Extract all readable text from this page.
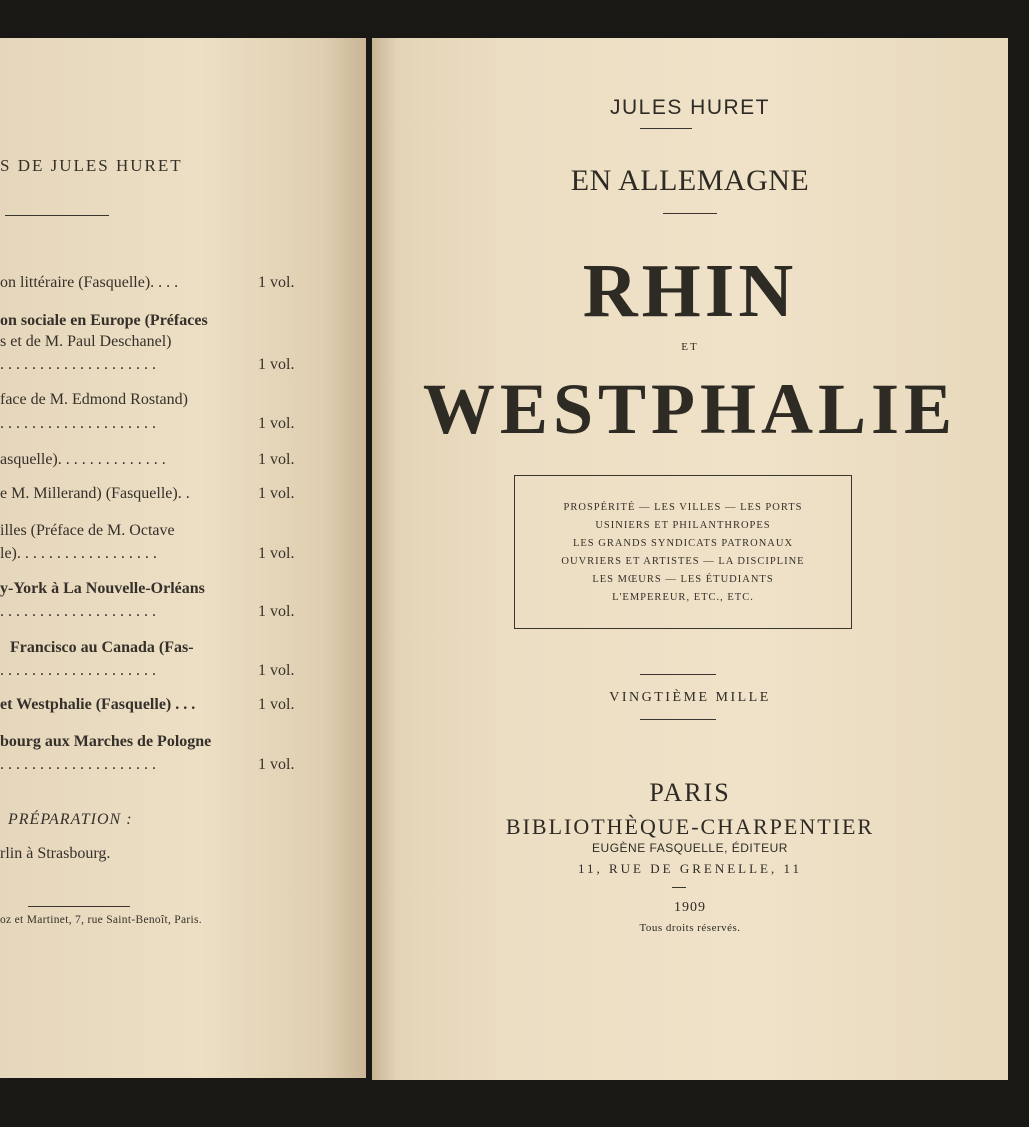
S DE JULES HURET
on littéraire (Fasquelle). . . .	1 vol.
on sociale en Europe (Préfaces
s et de M. Paul Deschanel)
. . . . . . . . . . . . . . . . . . . .	1 vol.
face de M. Edmond Rostand)
. . . . . . . . . . . . . . . . . . . .	1 vol.
asquelle). . . . . . . . . . . . . .	1 vol.
e M. Millerand) (Fasquelle). .	1 vol.
illes (Préface de M. Octave
le). . . . . . . . . . . . . . . . . .	1 vol.
y-York à La Nouvelle-Orléans
. . . . . . . . . . . . . . . . . . . .	1 vol.
Francisco au Canada (Fas-
. . . . . . . . . . . . . . . . . . . .	1 vol.
et Westphalie (Fasquelle) . . .	1 vol.
bourg aux Marches de Pologne
. . . . . . . . . . . . . . . . . . . .	1 vol.
PRÉPARATION :
rlin à Strasbourg.
oz et Martinet, 7, rue Saint-Benoît, Paris.
JULES HURET
EN ALLEMAGNE
RHIN
ET
WESTPHALIE
PROSPÉRITÉ — LES VILLES — LES PORTS
USINIERS ET PHILANTHROPES
LES GRANDS SYNDICATS PATRONAUX
OUVRIERS ET ARTISTES — LA DISCIPLINE
LES MŒURS — LES ÉTUDIANTS
L'EMPEREUR, ETC., ETC.
VINGTIÈME MILLE
PARIS
BIBLIOTHÈQUE-CHARPENTIER
EUGÈNE FASQUELLE, ÉDITEUR
11, RUE DE GRENELLE, 11
1909
Tous droits réservés.
